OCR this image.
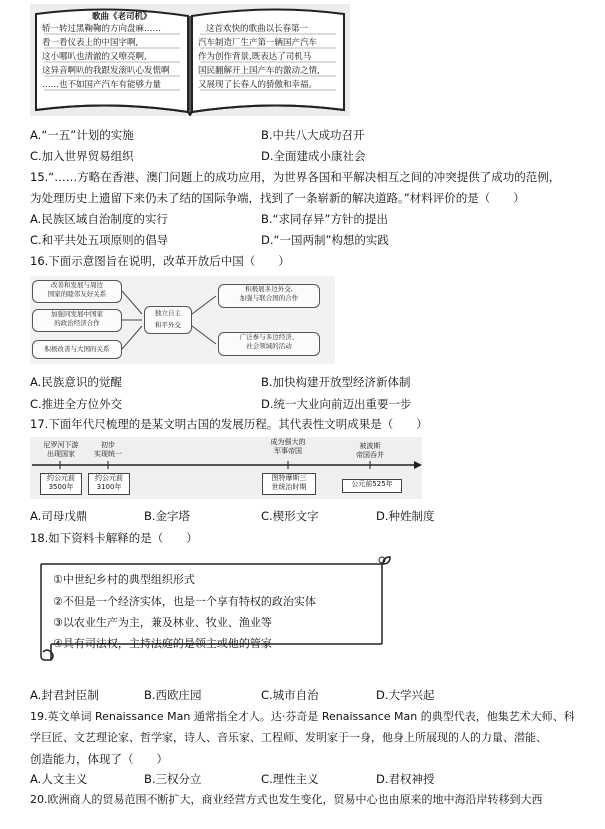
歌曲《老司机》
轿一转过黑鞠鞠的方向盘麻……
看一看仪表上的中国字啊,
这小哪叭也清澈的又嘹亮啊,
这异音啊叭的我跟发滚叭心发慌啊
……也不如国产汽车有能够力量
这首欢快的歌曲以长春第一
汽车制造厂生产第一辆国产汽车
作为创作背景,既表达了司机马
国民翻解开上国产车的激动之情,
又展现了长春人的骄傲和幸福。
A.“一五”计划的实施	B.中共八大成功召开
C.加入世界贸易组织	D.全面建成小康社会
15.“……方略在香港、澳门问题上的成功应用，为世界各国和平解决相互之间的冲突提供了成功的范例，
为处理历史上遗留下来仍未了结的国际争端，找到了一条崭新的解决道路。”材料评价的是（　　）
A.民族区域自治制度的实行	B.“求同存异”方针的提出
C.和平共处五项原则的倡导	D.“一国两制”构想的实践
16.下面示意图旨在说明，改革开放后中国（　　）
改善和发展与周边
国家的睦邻友好关系
加强同发展中国家
的政治经济合作
积极改善与大国的关系
独立自主
和平外交
积极展多边外交,
加强与联合国的合作
广泛参与多边经济、
社会领域的活动
A.民族意识的觉醒	B.加快构建开放型经济新体制
C.推进全方位外交	D.统一大业向前迈出重要一步
17.下面年代尺梳理的是某文明古国的发展历程。其代表性文明成果是（　　）
尼罗河下游
出现国家
初步
实现统一
成为强大的
军事帝国
被波斯
帝国吞并
约公元前
3500年
约公元前
3100年
图特摩斯三
世统治时期	公元前525年
A.司母戊鼎	B.金字塔	C.楔形文字	D.种姓制度
18.如下资料卡解释的是（　　）
①中世纪乡村的典型组织形式
②不但是一个经济实体，也是一个享有特权的政治实体
③以农业生产为主，兼及林业、牧业、渔业等
④具有司法权，主持法庭的是领主或他的管家
A.封君封臣制	B.西欧庄园	C.城市自治	D.大学兴起
19.英文单词 Renaissance Man 通常指全才人。达·芬奇是 Renaissance Man 的典型代表，他集艺术大师、科
学巨匠、文艺理论家、哲学家，诗人、音乐家、工程师、发明家于一身，他身上所展现的人的力量、潜能、
创造能力，体现了（　　）
A.人文主义	B.三权分立	C.理性主义	D.君权神授
20.欧洲商人的贸易范围不断扩大，商业经营方式也发生变化，贸易中心也由原来的地中海沿岸转移到大西
